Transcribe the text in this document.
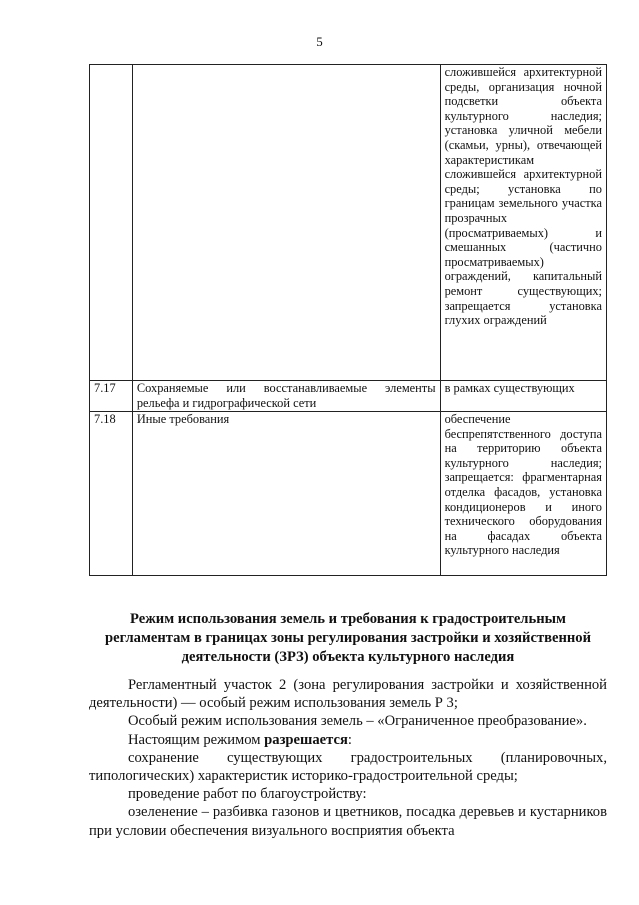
5

		сложившейся архитектурной среды, организация ночной подсветки объекта культурного наследия; установка уличной мебели (скамьи, урны), отвечающей характеристикам сложившейся архитектурной среды; установка по границам земельного участка прозрачных (просматриваемых) и смешанных (частично просматриваемых) ограждений, капитальный ремонт существующих; запрещается установка глухих ограждений

7.17	Сохраняемые или восстанавливаемые элементы рельефа и гидрографической сети	в рамках существующих

7.18	Иные требования	обеспечение беспрепятственного доступа на территорию объекта культурного наследия; запрещается: фрагментарная отделка фасадов, установка кондиционеров и иного технического оборудования на фасадах объекта культурного наследия
Режим использования земель и требования к градостроительным регламентам в границах зоны регулирования застройки и хозяйственной деятельности (ЗРЗ) объекта культурного наследия

Регламентный участок 2 (зона регулирования застройки и хозяйственной деятельности) — особый режим использования земель Р 3;

Особый режим использования земель – «Ограниченное преобразование».

Настоящим режимом разрешается:

сохранение существующих градостроительных (планировочных, типологических) характеристик историко-градостроительной среды;

проведение работ по благоустройству:

озеленение – разбивка газонов и цветников, посадка деревьев и кустарников при условии обеспечения визуального восприятия объекта
